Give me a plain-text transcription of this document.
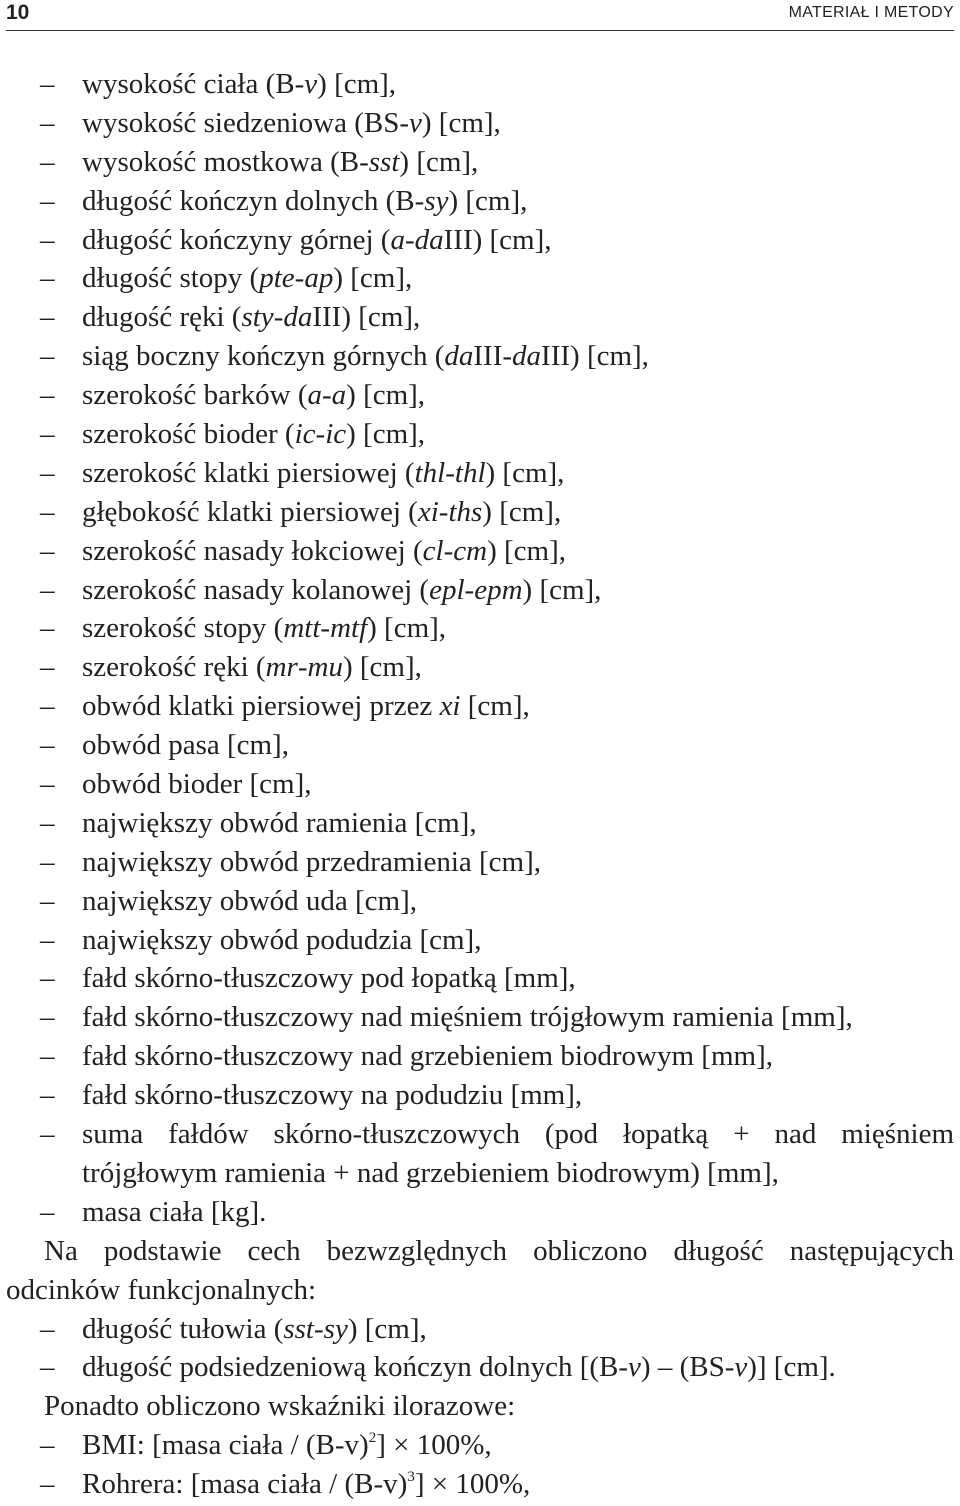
10	MATERIAŁ I METODY
– wysokość ciała (B-v) [cm],
– wysokość siedzeniowa (BS-v) [cm],
– wysokość mostkowa (B-sst) [cm],
– długość kończyn dolnych (B-sy) [cm],
– długość kończyny górnej (a-daIII) [cm],
– długość stopy (pte-ap) [cm],
– długość ręki (sty-daIII) [cm],
– siąg boczny kończyn górnych (daIII-daIII) [cm],
– szerokość barków (a-a) [cm],
– szerokość bioder (ic-ic) [cm],
– szerokość klatki piersiowej (thl-thl) [cm],
– głębokość klatki piersiowej (xi-ths) [cm],
– szerokość nasady łokciowej (cl-cm) [cm],
– szerokość nasady kolanowej (epl-epm) [cm],
– szerokość stopy (mtt-mtf) [cm],
– szerokość ręki (mr-mu) [cm],
– obwód klatki piersiowej przez xi [cm],
– obwód pasa [cm],
– obwód bioder [cm],
– największy obwód ramienia [cm],
– największy obwód przedramienia [cm],
– największy obwód uda [cm],
– największy obwód podudzia [cm],
– fałd skórno-tłuszczowy pod łopatką [mm],
– fałd skórno-tłuszczowy nad mięśniem trójgłowym ramienia [mm],
– fałd skórno-tłuszczowy nad grzebieniem biodrowym [mm],
– fałd skórno-tłuszczowy na podudziu [mm],
– suma fałdów skórno-tłuszczowych (pod łopatką + nad mięśniem trójgłowym ramienia + nad grzebieniem biodrowym) [mm],
– masa ciała [kg].
Na podstawie cech bezwzględnych obliczono długość następujących
odcinków funkcjonalnych:
– długość tułowia (sst-sy) [cm],
– długość podsiedzeniową kończyn dolnych [(B-v) – (BS-v)] [cm].
Ponadto obliczono wskaźniki ilorazowe:
– BMI: [masa ciała / $(B-v)^2] \times 100\%$,
– Rohrera: [masa ciała / $(B-v)^3] \times 100\%$,
